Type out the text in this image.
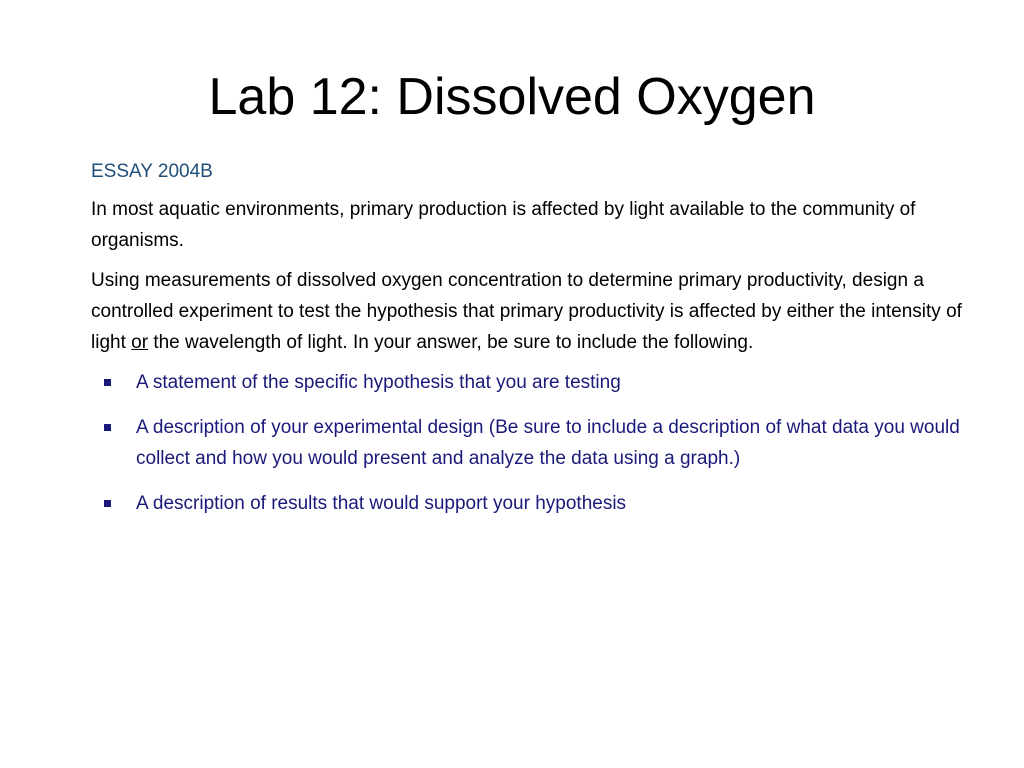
Lab 12: Dissolved Oxygen
ESSAY 2004B

In most aquatic environments, primary production is affected by light available to the community of organisms.

Using measurements of dissolved oxygen concentration to determine primary productivity, design a controlled experiment to test the hypothesis that primary productivity is affected by either the intensity of light or the wavelength of light. In your answer, be sure to include the following.

A statement of the specific hypothesis that you are testing
A description of your experimental design (Be sure to include a description of what data you would collect and how you would present and analyze the data using a graph.)
A description of results that would support your hypothesis
